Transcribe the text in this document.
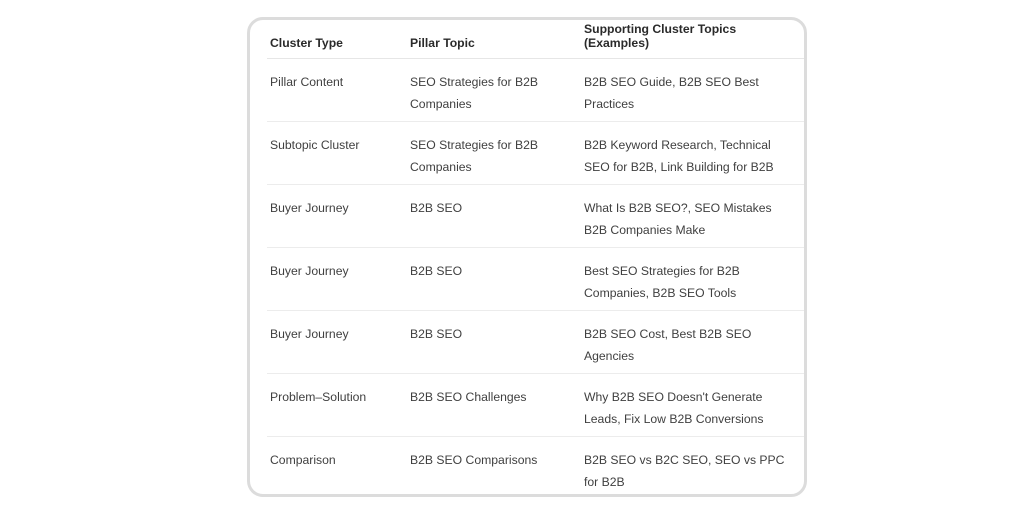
Cluster Type	Pillar Topic	Supporting Cluster Topics (Examples)
Pillar Content	SEO Strategies for B2B Companies	B2B SEO Guide, B2B SEO Best Practices
Subtopic Cluster	SEO Strategies for B2B Companies	B2B Keyword Research, Technical SEO for B2B, Link Building for B2B
Buyer Journey	B2B SEO	What Is B2B SEO?, SEO Mistakes B2B Companies Make
Buyer Journey	B2B SEO	Best SEO Strategies for B2B Companies, B2B SEO Tools
Buyer Journey	B2B SEO	B2B SEO Cost, Best B2B SEO Agencies
Problem–Solution	B2B SEO Challenges	Why B2B SEO Doesn't Generate Leads, Fix Low B2B Conversions
Comparison	B2B SEO Comparisons	B2B SEO vs B2C SEO, SEO vs PPC for B2B
